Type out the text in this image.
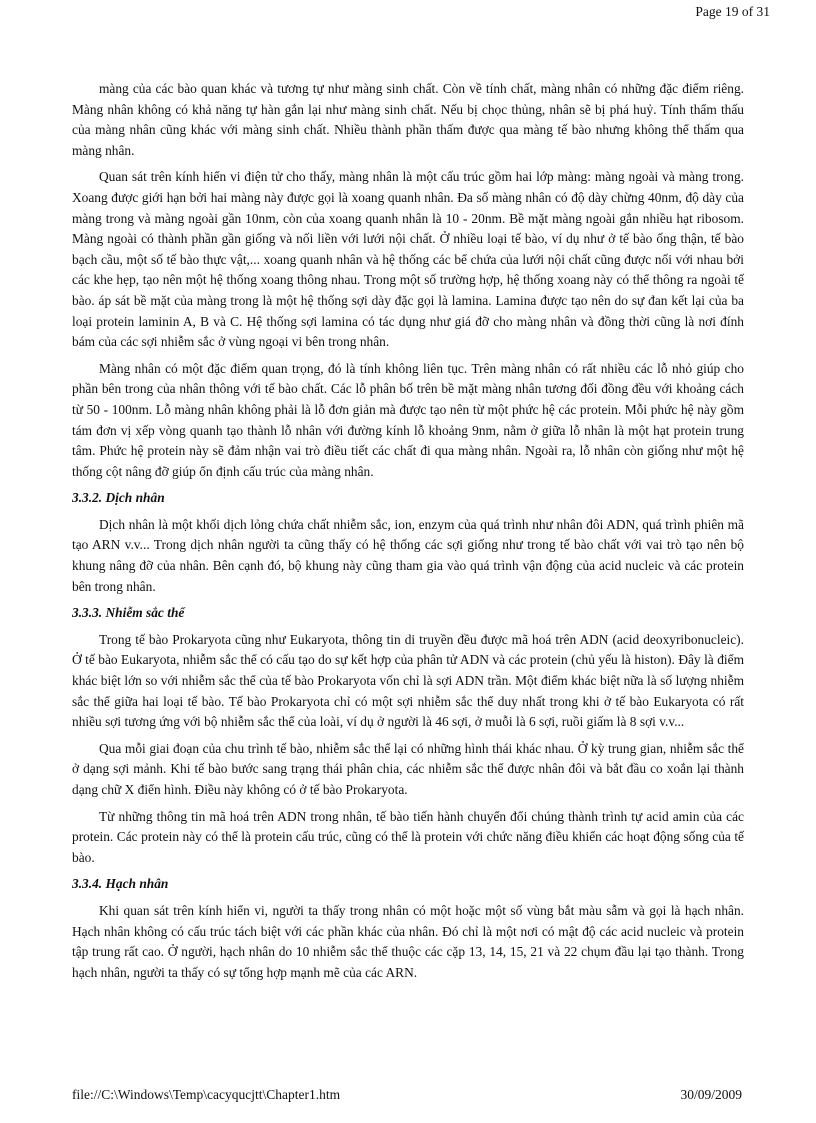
Page 19 of 31

màng của các bào quan khác và tương tự như màng sinh chất. Còn về tính chất, màng nhân có những đặc điểm riêng. Màng nhân không có khả năng tự hàn gắn lại như màng sinh chất. Nếu bị chọc thủng, nhân sẽ bị phá huỷ. Tính thẩm thấu của màng nhân cũng khác với màng sinh chất. Nhiều thành phần thấm được qua màng tế bào nhưng không thể thấm qua màng nhân.

Quan sát trên kính hiển vi điện tử cho thấy, màng nhân là một cấu trúc gồm hai lớp màng: màng ngoài và màng trong. Xoang được giới hạn bởi hai màng này được gọi là xoang quanh nhân. Đa số màng nhân có độ dày chừng 40nm, độ dày của màng trong và màng ngoài gần 10nm, còn của xoang quanh nhân là 10 - 20nm. Bề mặt màng ngoài gắn nhiều hạt ribosom. Màng ngoài có thành phần gần giống và nối liền với lưới nội chất. Ở nhiều loại tế bào, ví dụ như ở tế bào ống thận, tế bào bạch cầu, một số tế bào thực vật,... xoang quanh nhân và hệ thống các bể chứa của lưới nội chất cũng được nối với nhau bởi các khe hẹp, tạo nên một hệ thống xoang thông nhau. Trong một số trường hợp, hệ thống xoang này có thể thông ra ngoài tế bào. áp sát bề mặt của màng trong là một hệ thống sợi dày đặc gọi là lamina. Lamina được tạo nên do sự đan kết lại của ba loại protein laminin A, B và C. Hệ thống sợi lamina có tác dụng như giá đỡ cho màng nhân và đồng thời cũng là nơi đính bám của các sợi nhiễm sắc ở vùng ngoại vi bên trong nhân.

Màng nhân có một đặc điểm quan trọng, đó là tính không liên tục. Trên màng nhân có rất nhiều các lỗ nhỏ giúp cho phần bên trong của nhân thông với tế bào chất. Các lỗ phân bố trên bề mặt màng nhân tương đối đồng đều với khoảng cách từ 50 - 100nm. Lỗ màng nhân không phải là lỗ đơn giản mà được tạo nên từ một phức hệ các protein. Mỗi phức hệ này gồm tám đơn vị xếp vòng quanh tạo thành lỗ nhân với đường kính lỗ khoảng 9nm, nằm ở giữa lỗ nhân là một hạt protein trung tâm. Phức hệ protein này sẽ đảm nhận vai trò điều tiết các chất đi qua màng nhân. Ngoài ra, lỗ nhân còn giống như một hệ thống cột nâng đỡ giúp ổn định cấu trúc của màng nhân.

3.3.2. Dịch nhân

Dịch nhân là một khối dịch lỏng chứa chất nhiễm sắc, ion, enzym của quá trình như nhân đôi ADN, quá trình phiên mã tạo ARN v.v... Trong dịch nhân người ta cũng thấy có hệ thống các sợi giống như trong tế bào chất với vai trò tạo nên bộ khung nâng đỡ của nhân. Bên cạnh đó, bộ khung này cũng tham gia vào quá trình vận động của acid nucleic và các protein bên trong nhân.

3.3.3. Nhiễm sắc thể

Trong tế bào Prokaryota cũng như Eukaryota, thông tin di truyền đều được mã hoá trên ADN (acid deoxyribonucleic). Ở tế bào Eukaryota, nhiễm sắc thể có cấu tạo do sự kết hợp của phân tử ADN và các protein (chủ yếu là histon). Đây là điểm khác biệt lớn so với nhiễm sắc thể của tế bào Prokaryota vốn chỉ là sợi ADN trần. Một điểm khác biệt nữa là số lượng nhiễm sắc thể giữa hai loại tế bào. Tế bào Prokaryota chỉ có một sợi nhiễm sắc thể duy nhất trong khi ở tế bào Eukaryota có rất nhiều sợi tương ứng với bộ nhiễm sắc thể của loài, ví dụ ở người là 46 sợi, ở muỗi là 6 sợi, ruồi giấm là 8 sợi v.v...

Qua mỗi giai đoạn của chu trình tế bào, nhiễm sắc thể lại có những hình thái khác nhau. Ở kỳ trung gian, nhiễm sắc thể ở dạng sợi mảnh. Khi tế bào bước sang trạng thái phân chia, các nhiễm sắc thể được nhân đôi và bắt đầu co xoắn lại thành dạng chữ X điển hình. Điều này không có ở tế bào Prokaryota.

Từ những thông tin mã hoá trên ADN trong nhân, tế bào tiến hành chuyển đổi chúng thành trình tự acid amin của các protein. Các protein này có thể là protein cấu trúc, cũng có thể là protein với chức năng điều khiển các hoạt động sống của tế bào.

3.3.4. Hạch nhân

Khi quan sát trên kính hiển vi, người ta thấy trong nhân có một hoặc một số vùng bắt màu sẫm và gọi là hạch nhân. Hạch nhân không có cấu trúc tách biệt với các phần khác của nhân. Đó chỉ là một nơi có mật độ các acid nucleic và protein tập trung rất cao. Ở người, hạch nhân do 10 nhiễm sắc thể thuộc các cặp 13, 14, 15, 21 và 22 chụm đầu lại tạo thành. Trong hạch nhân, người ta thấy có sự tổng hợp mạnh mẽ của các ARN.

file://C:\Windows\Temp\cacyqucjtt\Chapter1.htm	30/09/2009
